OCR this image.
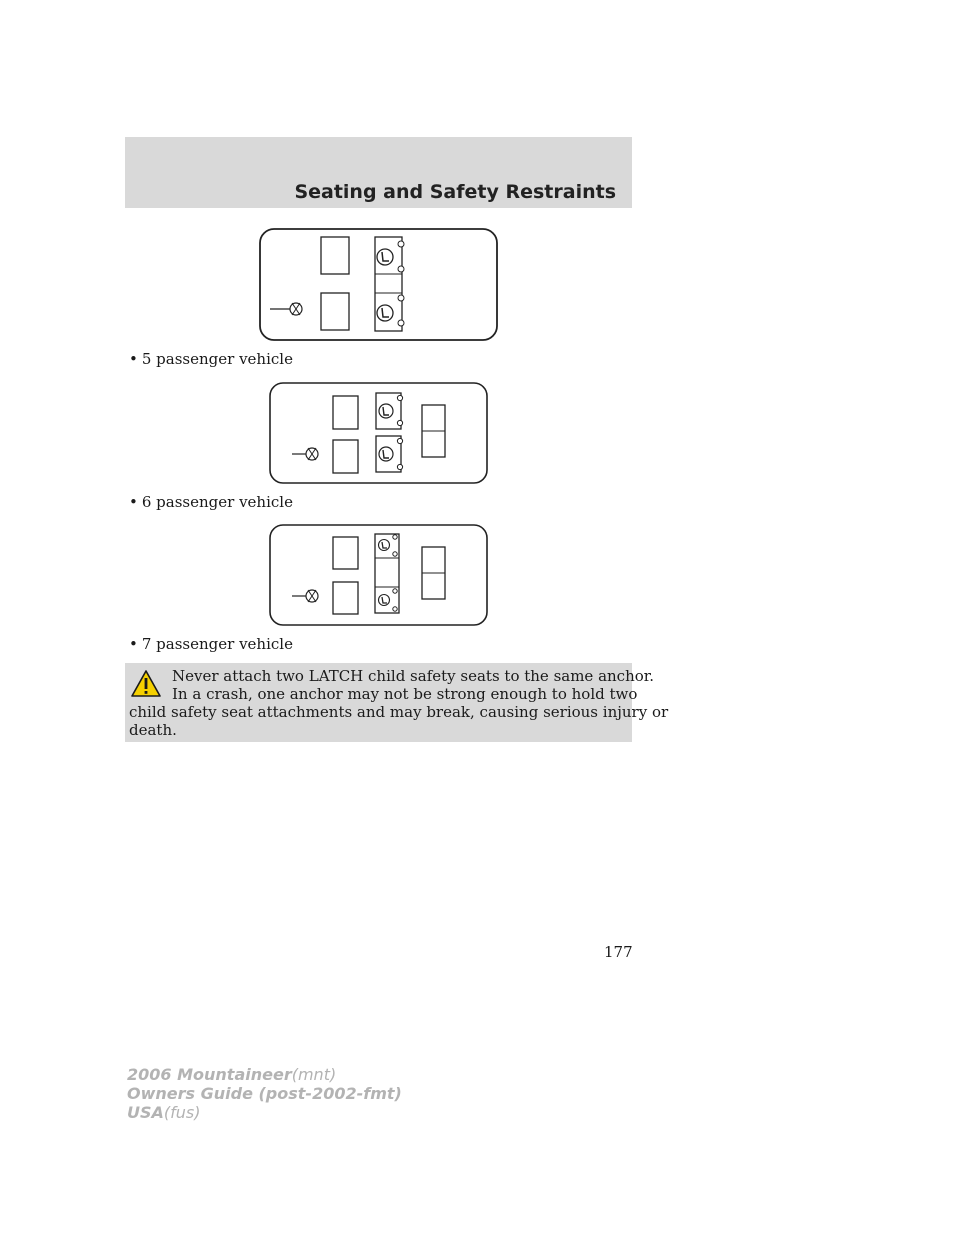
Seating and Safety Restraints
• 5 passenger vehicle
• 6 passenger vehicle
• 7 passenger vehicle
Never attach two LATCH child safety seats to the same anchor.
In a crash, one anchor may not be strong enough to hold two
child safety seat attachments and may break, causing serious injury or
death.
177
2006 Mountaineer(mnt)
Owners Guide (post-2002-fmt)
USA(fus)
